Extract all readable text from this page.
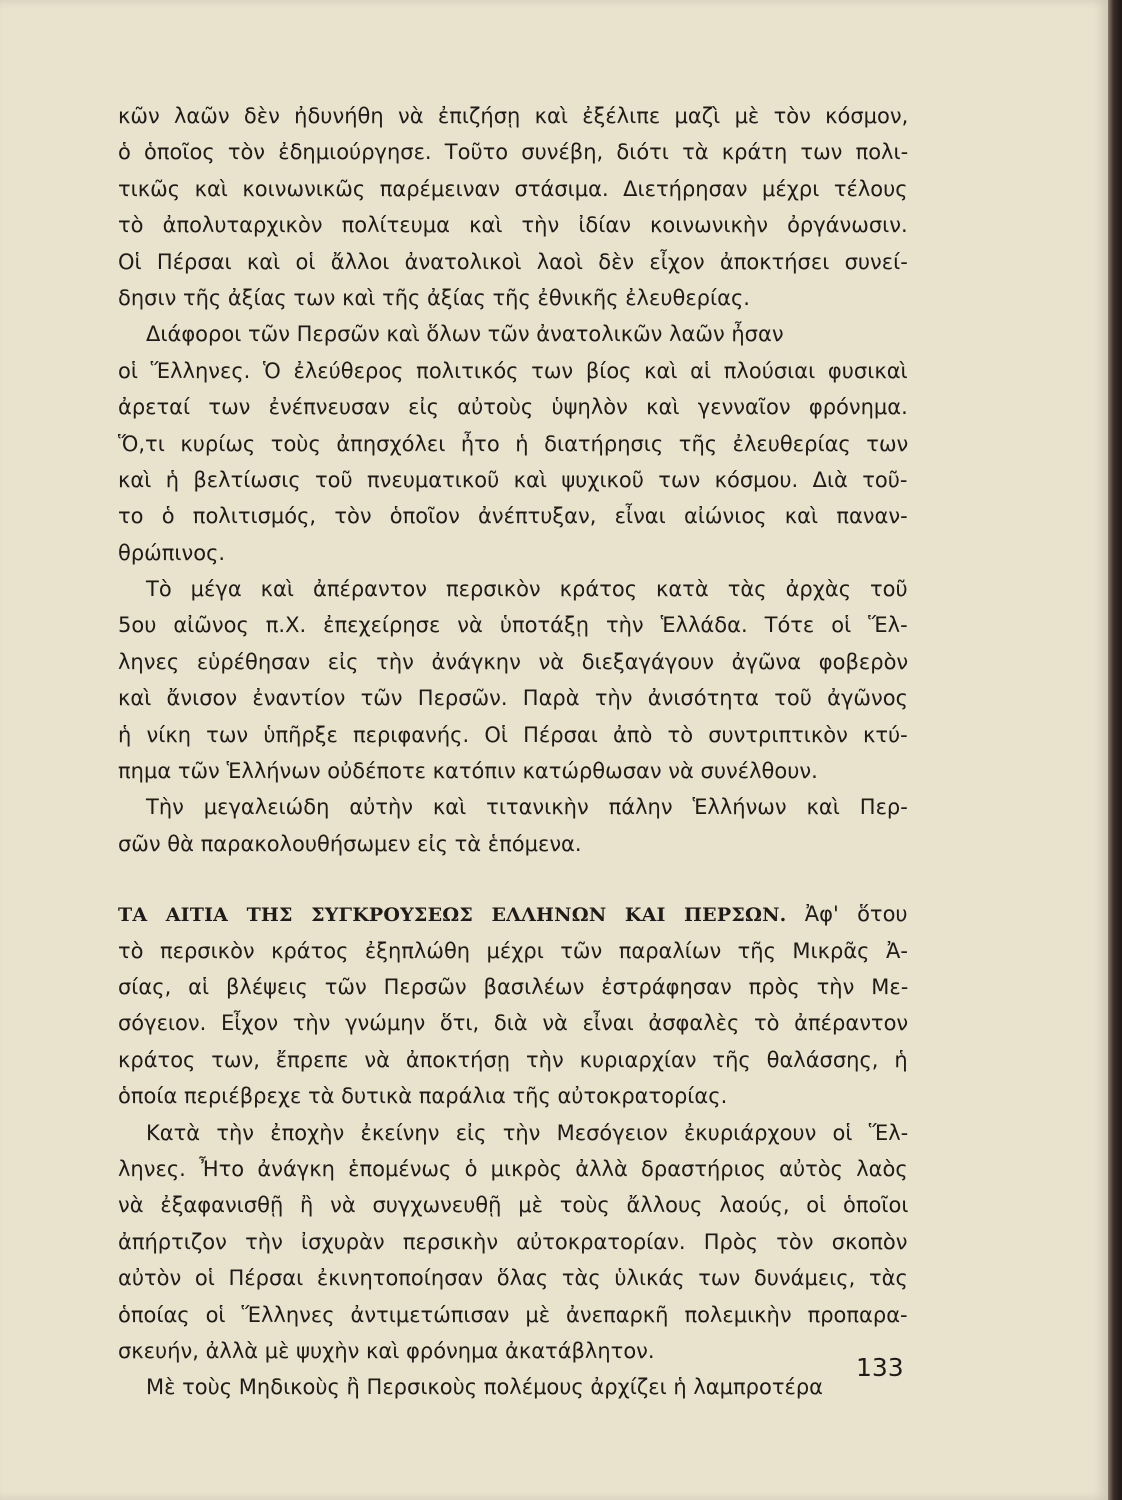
κῶν λαῶν δὲν ἠδυνήθη νὰ ἐπιζήσῃ καὶ ἐξέλιπε μαζὶ μὲ τὸν κόσμον,
ὁ ὁποῖος τὸν ἐδημιούργησε. Τοῦτο συνέβη, διότι τὰ κράτη των πολι-
τικῶς καὶ κοινωνικῶς παρέμειναν στάσιμα. Διετήρησαν μέχρι τέλους
τὸ ἀπολυταρχικὸν πολίτευμα καὶ τὴν ἰδίαν κοινωνικὴν ὀργάνωσιν.
Οἱ Πέρσαι καὶ οἱ ἄλλοι ἀνατολικοὶ λαοὶ δὲν εἶχον ἀποκτήσει συνεί-
δησιν τῆς ἀξίας των καὶ τῆς ἀξίας τῆς ἐθνικῆς ἐλευθερίας.
Διάφοροι τῶν Περσῶν καὶ ὅλων τῶν ἀνατολικῶν λαῶν ἦσαν
οἱ Ἕλληνες. Ὁ ἐλεύθερος πολιτικός των βίος καὶ αἱ πλούσιαι φυσικαὶ
ἀρεταί των ἐνέπνευσαν εἰς αὐτοὺς ὑψηλὸν καὶ γενναῖον φρόνημα.
Ὅ,τι κυρίως τοὺς ἀπησχόλει ἦτο ἡ διατήρησις τῆς ἐλευθερίας των
καὶ ἡ βελτίωσις τοῦ πνευματικοῦ καὶ ψυχικοῦ των κόσμου. Διὰ τοῦ-
το ὁ πολιτισμός, τὸν ὁποῖον ἀνέπτυξαν, εἶναι αἰώνιος καὶ παναν-
θρώπινος.
Τὸ μέγα καὶ ἀπέραντον περσικὸν κράτος κατὰ τὰς ἀρχὰς τοῦ
5ου αἰῶνος π.Χ. ἐπεχείρησε νὰ ὑποτάξῃ τὴν Ἑλλάδα. Τότε οἱ Ἕλ-
ληνες εὑρέθησαν εἰς τὴν ἀνάγκην νὰ διεξαγάγουν ἀγῶνα φοβερὸν
καὶ ἄνισον ἐναντίον τῶν Περσῶν. Παρὰ τὴν ἀνισότητα τοῦ ἀγῶνος
ἡ νίκη των ὑπῆρξε περιφανής. Οἱ Πέρσαι ἀπὸ τὸ συντριπτικὸν κτύ-
πημα τῶν Ἑλλήνων οὐδέποτε κατόπιν κατώρθωσαν νὰ συνέλθουν.
Τὴν μεγαλειώδη αὐτὴν καὶ τιτανικὴν πάλην Ἑλλήνων καὶ Περ-
σῶν θὰ παρακολουθήσωμεν εἰς τὰ ἑπόμενα.
ΤΑ ΑΙΤΙΑ ΤΗΣ ΣΥΓΚΡΟΥΣΕΩΣ ΕΛΛΗΝΩΝ ΚΑΙ ΠΕΡΣΩΝ. Ἀφ' ὅτου
τὸ περσικὸν κράτος ἐξηπλώθη μέχρι τῶν παραλίων τῆς Μικρᾶς Ἀ-
σίας, αἱ βλέψεις τῶν Περσῶν βασιλέων ἐστράφησαν πρὸς τὴν Με-
σόγειον. Εἶχον τὴν γνώμην ὅτι, διὰ νὰ εἶναι ἀσφαλὲς τὸ ἀπέραντον
κράτος των, ἔπρεπε νὰ ἀποκτήσῃ τὴν κυριαρχίαν τῆς θαλάσσης, ἡ
ὁποία περιέβρεχε τὰ δυτικὰ παράλια τῆς αὐτοκρατορίας.
Κατὰ τὴν ἐποχὴν ἐκείνην εἰς τὴν Μεσόγειον ἐκυριάρχουν οἱ Ἕλ-
ληνες. Ἦτο ἀνάγκη ἑπομένως ὁ μικρὸς ἀλλὰ δραστήριος αὐτὸς λαὸς
νὰ ἐξαφανισθῇ ἢ νὰ συγχωνευθῇ μὲ τοὺς ἄλλους λαούς, οἱ ὁποῖοι
ἀπήρτιζον τὴν ἰσχυρὰν περσικὴν αὐτοκρατορίαν. Πρὸς τὸν σκοπὸν
αὐτὸν οἱ Πέρσαι ἐκινητοποίησαν ὅλας τὰς ὑλικάς των δυνάμεις, τὰς
ὁποίας οἱ Ἕλληνες ἀντιμετώπισαν μὲ ἀνεπαρκῆ πολεμικὴν προπαρα-
σκευήν, ἀλλὰ μὲ ψυχὴν καὶ φρόνημα ἀκατάβλητον.
Μὲ τοὺς Μηδικοὺς ἢ Περσικοὺς πολέμους ἀρχίζει ἡ λαμπροτέρα
133
